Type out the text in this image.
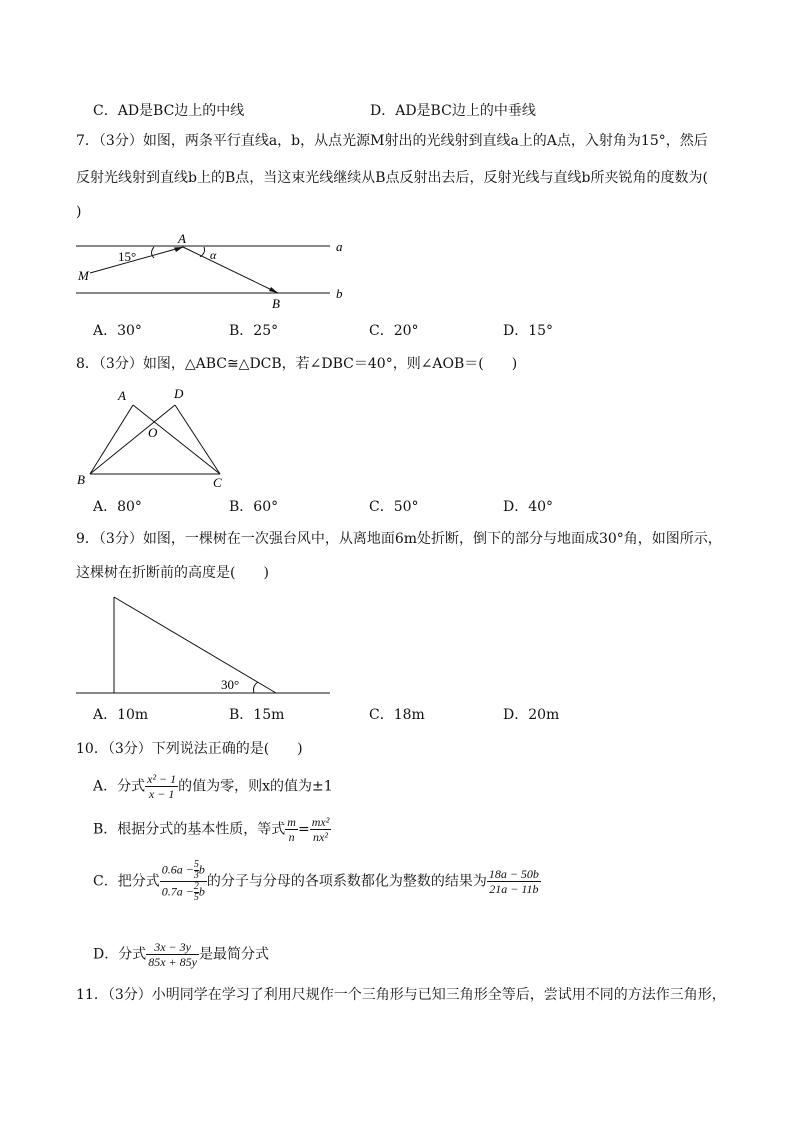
C．AD是BC边上的中线	D．AD是BC边上的中垂线
7．（3分）如图，两条平行直线a，b，从点光源M射出的光线射到直线a上的A点，入射角为15°，然后
反射光线射到直线b上的B点，当这束光线继续从B点反射出去后，反射光线与直线b所夹锐角的度数为(
)
15°
A
M
B
a
b
α
A．30°	B．25°	C．20°	D．15°
8．（3分）如图，△ABC≅△DCB，若∠DBC＝40°，则∠AOB＝(　　)
A	D
O
B	C
A．80°	B．60°	C．50°	D．40°
9．（3分）如图，一棵树在一次强台风中，从离地面6m处折断，倒下的部分与地面成30°角，如图所示，
这棵树在折断前的高度是(　　)
30°
A．10m	B．15m	C．18m	D．20m
10．（3分）下列说法正确的是(　　)
A．分式 $\frac{\text{x² − 1}}{x - 1}$ 的值为零，则x的值为±1
B．根据分式的基本性质，等式 $\frac{m}{n} = \frac{\text{mx²}}{\text{nx²}}$
C．把分式 $\frac{0.6a - \frac{5}{3} b}{0.7a - \frac{2}{5} b}$ 的分子与分母的各项系数都化为整数的结果为 $\frac{18a - 50b}{21a - 11b}$
D．分式 $\frac{3x - 3y}{85x + 85y}$ 是最简分式
11．（3分）小明同学在学习了利用尺规作一个三角形与已知三角形全等后，尝试用不同的方法作三角形，
